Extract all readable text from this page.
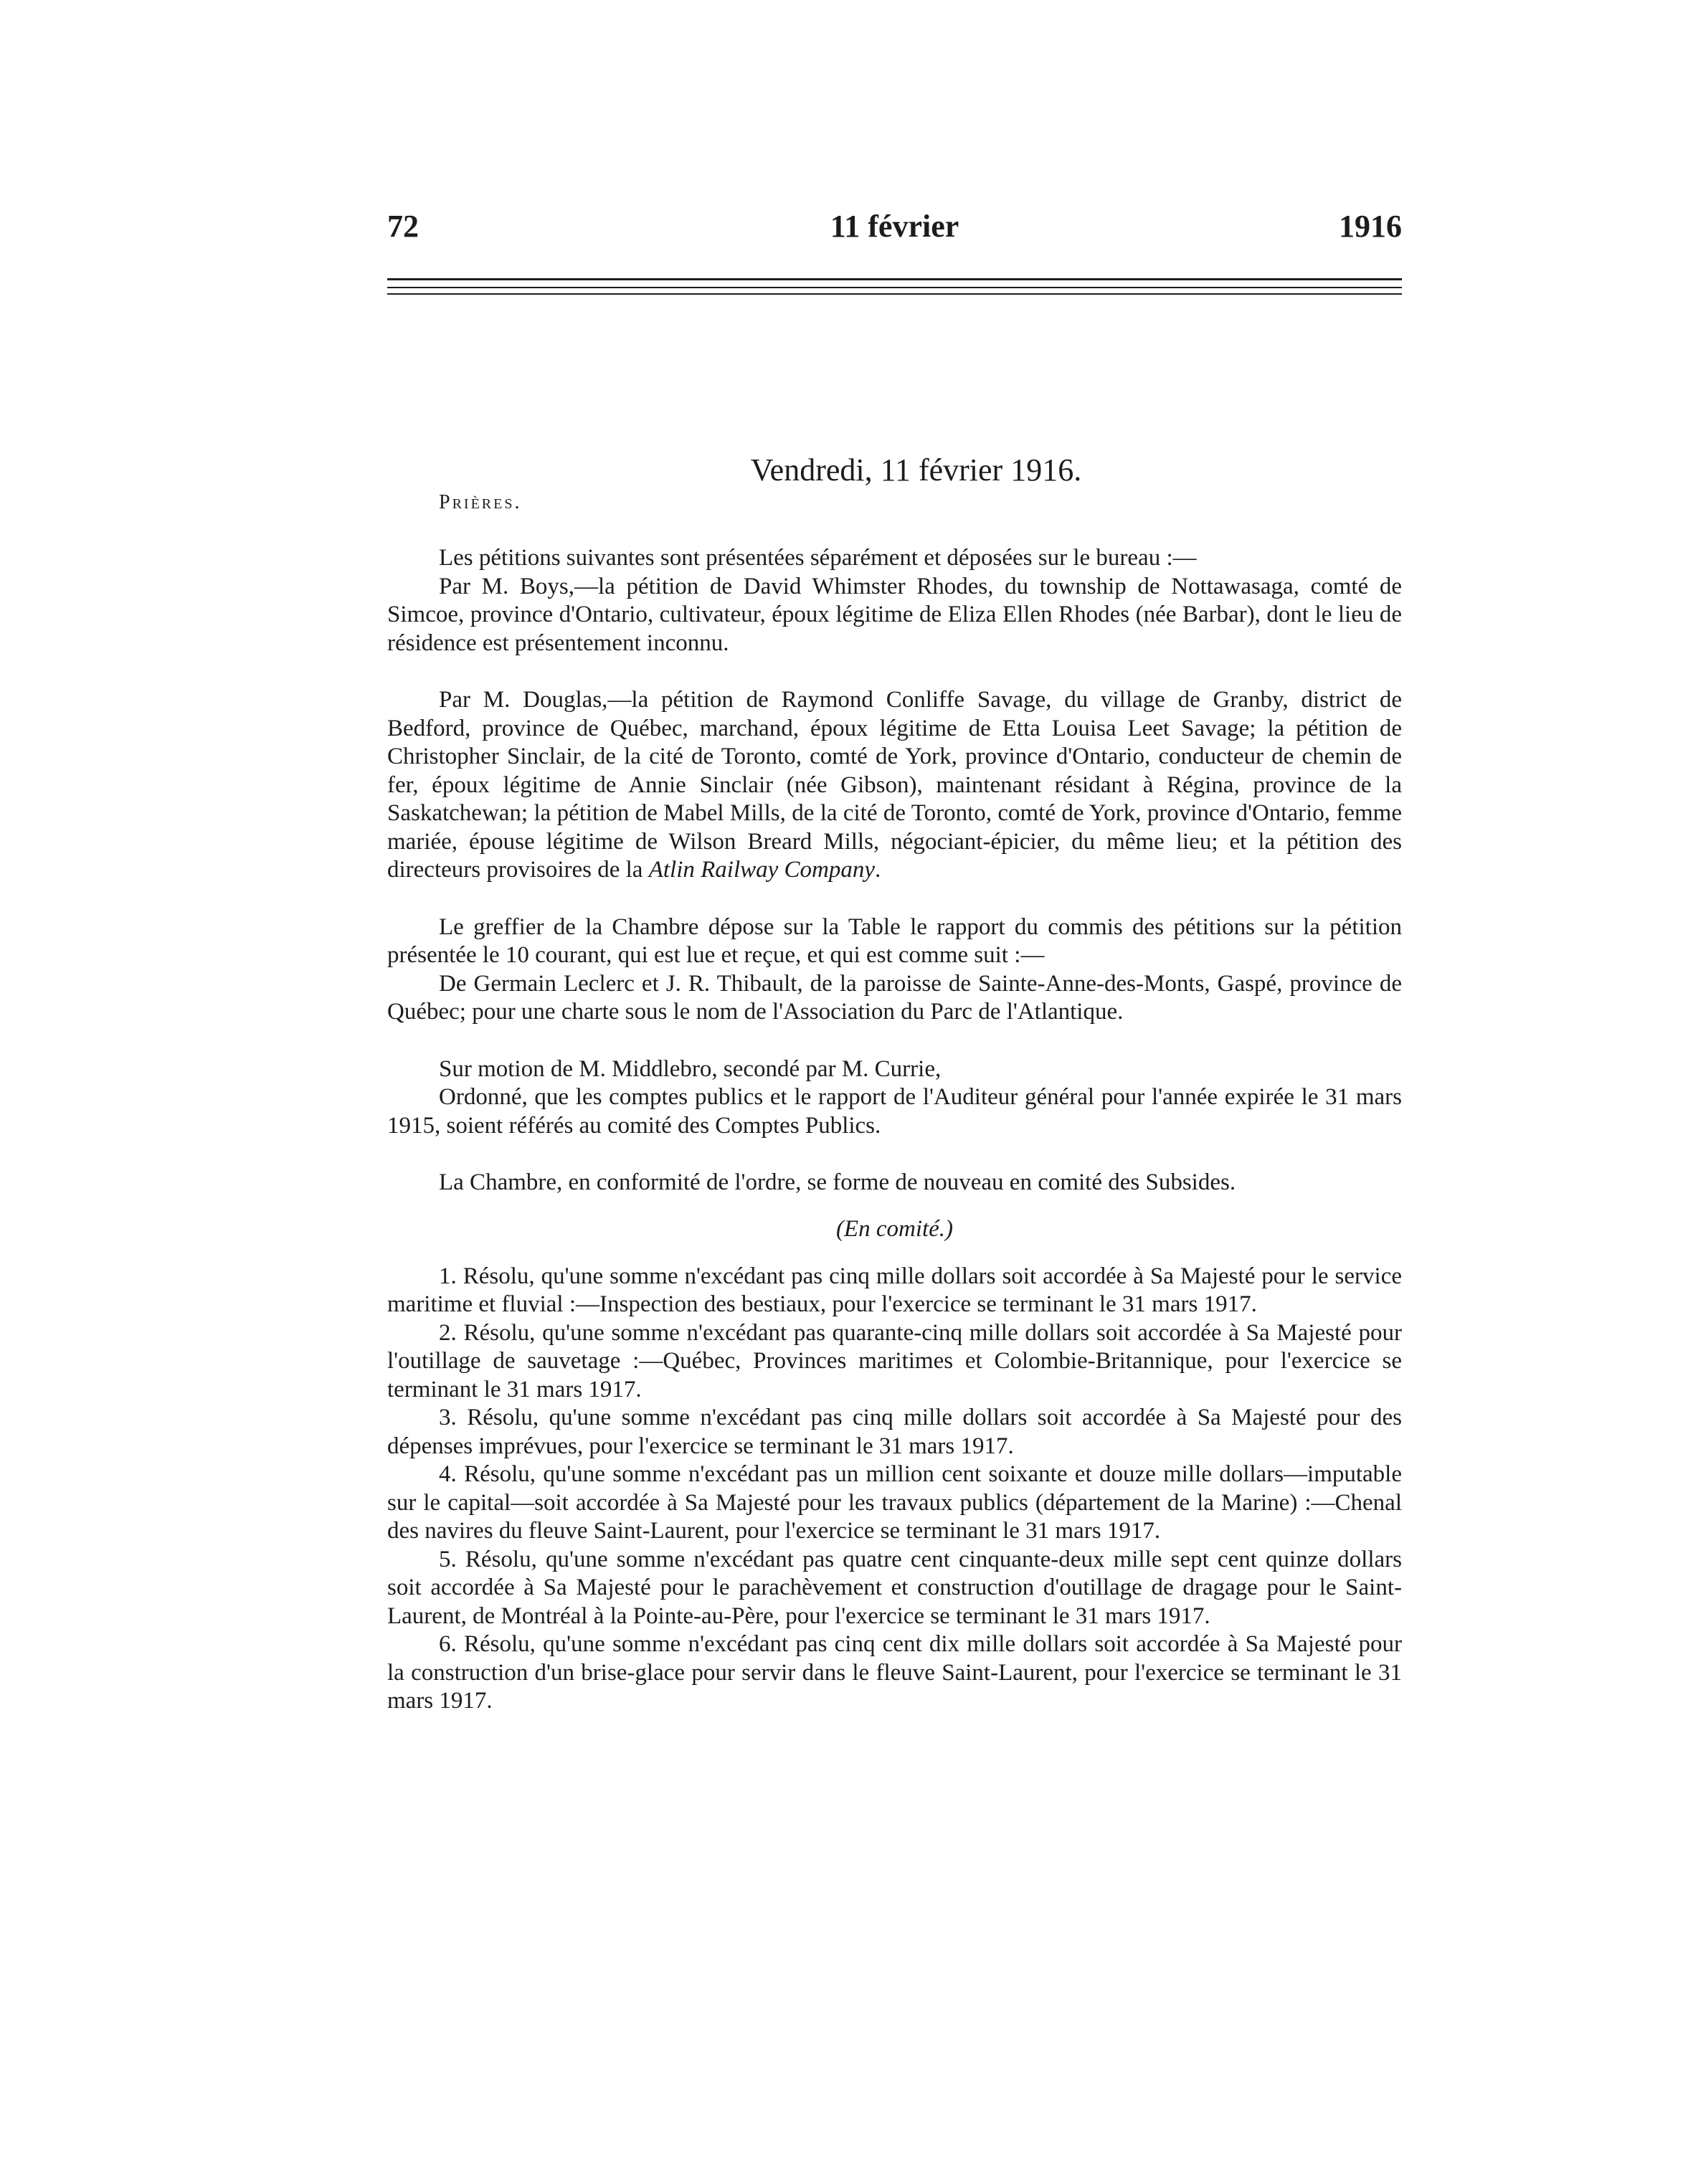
72	11 février	1916
Vendredi, 11 février 1916.
Prières.

Les pétitions suivantes sont présentées séparément et déposées sur le bureau :—

Par M. Boys,—la pétition de David Whimster Rhodes, du township de Nottawasaga, comté de Simcoe, province d'Ontario, cultivateur, époux légitime de Eliza Ellen Rhodes (née Barbar), dont le lieu de résidence est présentement inconnu.

Par M. Douglas,—la pétition de Raymond Conliffe Savage, du village de Granby, district de Bedford, province de Québec, marchand, époux légitime de Etta Louisa Leet Savage; la pétition de Christopher Sinclair, de la cité de Toronto, comté de York, province d'Ontario, conducteur de chemin de fer, époux légitime de Annie Sinclair (née Gibson), maintenant résidant à Régina, province de la Saskatchewan; la pétition de Mabel Mills, de la cité de Toronto, comté de York, province d'Ontario, femme mariée, épouse légitime de Wilson Breard Mills, négociant-épicier, du même lieu; et la pétition des directeurs provisoires de la Atlin Railway Company.

Le greffier de la Chambre dépose sur la Table le rapport du commis des pétitions sur la pétition présentée le 10 courant, qui est lue et reçue, et qui est comme suit :—

De Germain Leclerc et J. R. Thibault, de la paroisse de Sainte-Anne-des-Monts, Gaspé, province de Québec; pour une charte sous le nom de l'Association du Parc de l'Atlantique.

Sur motion de M. Middlebro, secondé par M. Currie,

Ordonné, que les comptes publics et le rapport de l'Auditeur général pour l'année expirée le 31 mars 1915, soient référés au comité des Comptes Publics.

La Chambre, en conformité de l'ordre, se forme de nouveau en comité des Subsides.

(En comité.)

1. Résolu, qu'une somme n'excédant pas cinq mille dollars soit accordée à Sa Majesté pour le service maritime et fluvial :—Inspection des bestiaux, pour l'exercice se terminant le 31 mars 1917.

2. Résolu, qu'une somme n'excédant pas quarante-cinq mille dollars soit accordée à Sa Majesté pour l'outillage de sauvetage :—Québec, Provinces maritimes et Colombie-Britannique, pour l'exercice se terminant le 31 mars 1917.

3. Résolu, qu'une somme n'excédant pas cinq mille dollars soit accordée à Sa Majesté pour des dépenses imprévues, pour l'exercice se terminant le 31 mars 1917.

4. Résolu, qu'une somme n'excédant pas un million cent soixante et douze mille dollars—imputable sur le capital—soit accordée à Sa Majesté pour les travaux publics (département de la Marine) :—Chenal des navires du fleuve Saint-Laurent, pour l'exercice se terminant le 31 mars 1917.

5. Résolu, qu'une somme n'excédant pas quatre cent cinquante-deux mille sept cent quinze dollars soit accordée à Sa Majesté pour le parachèvement et construction d'outillage de dragage pour le Saint-Laurent, de Montréal à la Pointe-au-Père, pour l'exercice se terminant le 31 mars 1917.

6. Résolu, qu'une somme n'excédant pas cinq cent dix mille dollars soit accordée à Sa Majesté pour la construction d'un brise-glace pour servir dans le fleuve Saint-Laurent, pour l'exercice se terminant le 31 mars 1917.
